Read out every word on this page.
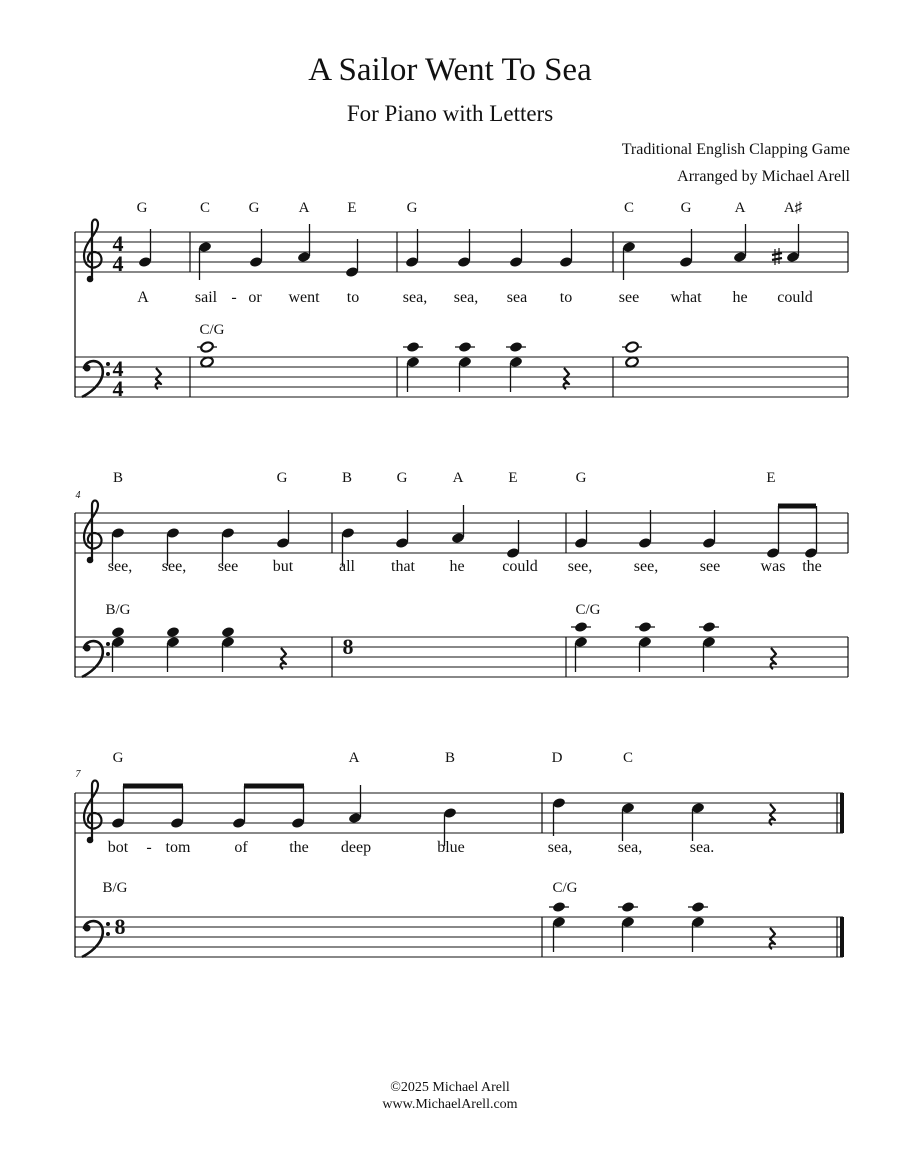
A Sailor Went To Sea
For Piano with Letters
Traditional English Clapping Game
Arranged by Michael Arell
4
4
4
4
G	C	G	A	E	G	C	G	A	A♯
A	sail - or went to	sea, sea, sea to	see what he could
C/G
4
B	G	B	G	A	E	G	E
see, see, see but	all that he could see,	see,	see	was the
B/G	C/G
8
7
G	A	B	D	C
bot - tom	of	the deep	blue	sea,	sea,	sea.
B/G	C/G
8
©2025 Michael Arell
www.MichaelArell.com
